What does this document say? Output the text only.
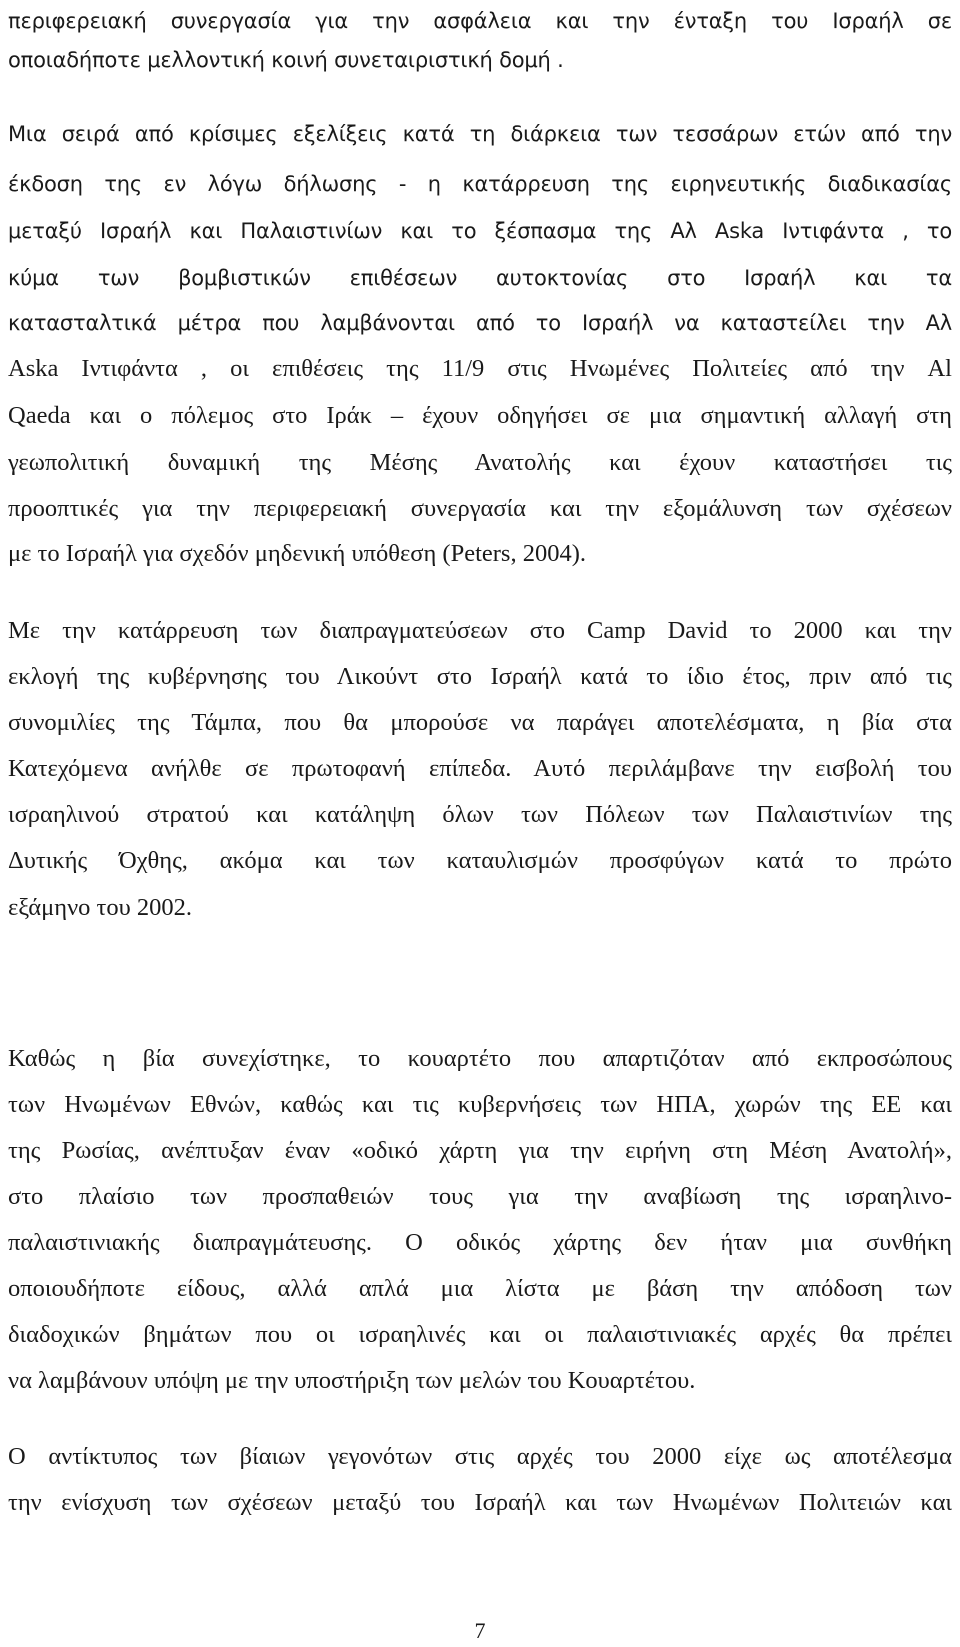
περιφερειακή συνεργασία για την ασφάλεια και την ένταξη του Ισραήλ σε
οποιαδήποτε μελλοντική κοινή συνεταιριστική δομή .
Μια σειρά από κρίσιμες εξελίξεις κατά τη διάρκεια των τεσσάρων ετών από την
έκδοση της εν λόγω δήλωσης - η κατάρρευση της ειρηνευτικής διαδικασίας
μεταξύ Ισραήλ και Παλαιστινίων και το ξέσπασμα της Αλ Aska Ιντιφάντα , το
κύμα των βομβιστικών επιθέσεων αυτοκτονίας στο Ισραήλ και τα
κατασταλτικά μέτρα που λαμβάνονται από το Ισραήλ να καταστείλει την Αλ
Aska Ιντιφάντα , οι επιθέσεις της 11/9 στις Ηνωμένες Πολιτείες από την Al
Qaeda και ο πόλεμος στο Ιράκ – έχουν οδηγήσει σε μια σημαντική αλλαγή στη
γεωπολιτική δυναμική της Μέσης Ανατολής και έχουν καταστήσει τις
προοπτικές για την περιφερειακή συνεργασία και την εξομάλυνση των σχέσεων
με το Ισραήλ για σχεδόν μηδενική υπόθεση (Peters, 2004).
Με την κατάρρευση των διαπραγματεύσεων στο Camp David το 2000 και την
εκλογή της κυβέρνησης του Λικούντ στο Ισραήλ κατά το ίδιο έτος, πριν από τις
συνομιλίες της Τάμπα, που θα μπορούσε να παράγει αποτελέσματα, η βία στα
Κατεχόμενα ανήλθε σε πρωτοφανή επίπεδα. Αυτό περιλάμβανε την εισβολή του
ισραηλινού στρατού και κατάληψη όλων των Πόλεων των Παλαιστινίων της
Δυτικής Όχθης, ακόμα και των καταυλισμών προσφύγων κατά το πρώτο
εξάμηνο του 2002.
Καθώς η βία συνεχίστηκε, το κουαρτέτο που απαρτιζόταν από εκπροσώπους
των Ηνωμένων Εθνών, καθώς και τις κυβερνήσεις των ΗΠΑ, χωρών της ΕΕ και
της Ρωσίας, ανέπτυξαν έναν «οδικό χάρτη για την ειρήνη στη Μέση Ανατολή»,
στο πλαίσιο των προσπαθειών τους για την αναβίωση της ισραηλινο-
παλαιστινιακής διαπραγμάτευσης. Ο οδικός χάρτης δεν ήταν μια συνθήκη
οποιουδήποτε είδους, αλλά απλά μια λίστα με βάση την απόδοση των
διαδοχικών βημάτων που οι ισραηλινές και οι παλαιστινιακές αρχές θα πρέπει
να λαμβάνουν υπόψη με την υποστήριξη των μελών του Κουαρτέτου.
Ο αντίκτυπος των βίαιων γεγονότων στις αρχές του 2000 είχε ως αποτέλεσμα
την ενίσχυση των σχέσεων μεταξύ του Ισραήλ και των Ηνωμένων Πολιτειών και
7
